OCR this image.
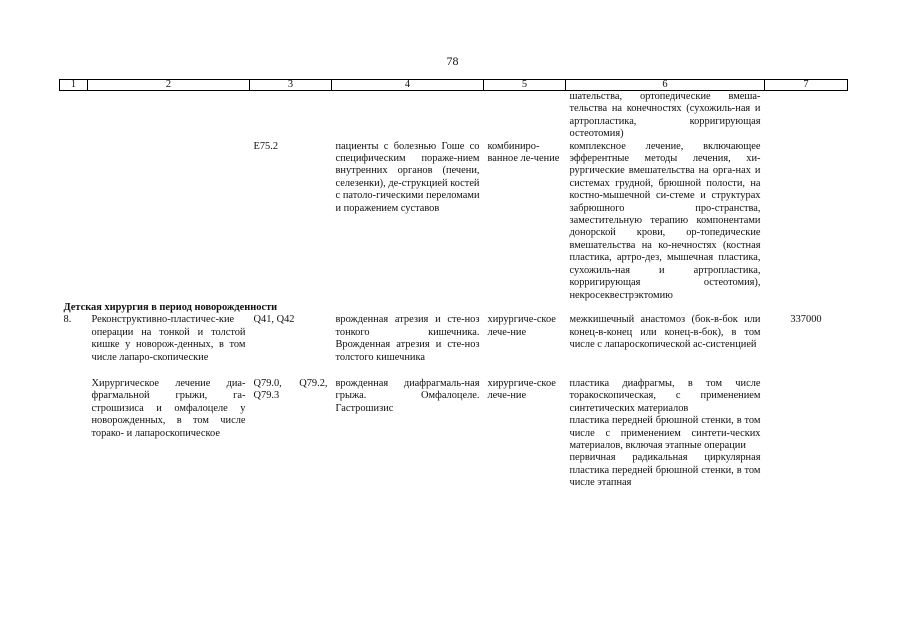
78
1	2	3	4	5	6	7
					шательства, ортопедические вмеша-тельства на конечностях (сухожиль-ная и артропластика, корригирующая остеотомия)	
		E75.2	пациенты с болезнью Гоше со специфическим пораже-нием внутренних органов (печени, селезенки), де-струкцией костей с патоло-гическими переломами и поражением суставов	комбиниро-ванное ле-чение	комплексное лечение, включающее эфферентные методы лечения, хи-рургические вмешательства на орга-нах и системах грудной, брюшной полости, на костно-мышечной си-стеме и структурах забрюшного про-странства, заместительную терапию компонентами донорской крови, ор-топедические вмешательства на ко-нечностях (костная пластика, артро-дез, мышечная пластика, сухожиль-ная и артропластика, корригирующая остеотомия), некросеквестрэктомию	
Детская хирургия в период новорожденности						
8.	Реконструктивно-пластичес-кие операции на тонкой и толстой кишке у новорож-денных, в том числе лапаро-скопические	Q41, Q42	врожденная атрезия и сте-ноз тонкого кишечника. Врожденная атрезия и сте-ноз толстого кишечника	хирургиче-ское лече-ние	межкишечный анастомоз (бок-в-бок или конец-в-конец или конец-в-бок), в том числе с лапароскопической ас-систенцией	337000
	Хирургическое лечение диа-фрагмальной грыжи, га-строшизиса и омфалоцеле у новорожденных, в том числе торако- и лапароскопическое	Q79.0, Q79.2, Q79.3	врожденная диафрагмаль-ная грыжа. Омфалоцеле. Гастрошизис	хирургиче-ское лече-ние	пластика диафрагмы, в том числе торакоскопическая, с применением синтетических материалов
пластика передней брюшной стенки, в том числе с применением синтети-ческих материалов, включая этапные операции
первичная радикальная циркулярная пластика передней брюшной стенки, в том числе этапная	
